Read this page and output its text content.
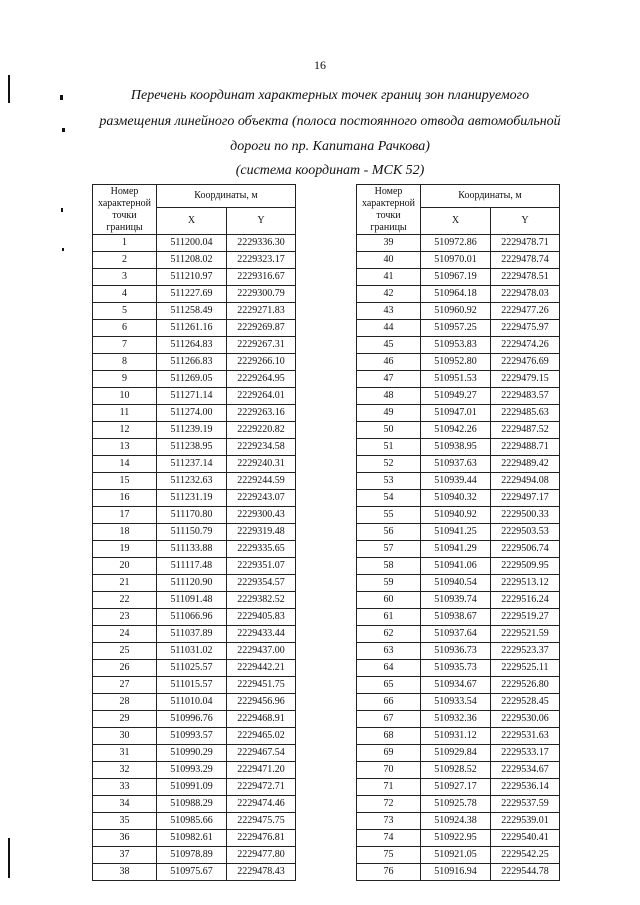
16
Перечень координат характерных точек границ зон планируемого
размещения линейного объекта (полоса постоянного отвода автомобильной
дороги по пр. Капитана Рачкова)
(система координат - МСК 52)
Номер характерной точки границы	Координаты, м	
	X	Y
1	511200.04	2229336.30
2	511208.02	2229323.17
3	511210.97	2229316.67
4	511227.69	2229300.79
5	511258.49	2229271.83
6	511261.16	2229269.87
7	511264.83	2229267.31
8	511266.83	2229266.10
9	511269.05	2229264.95
10	511271.14	2229264.01
11	511274.00	2229263.16
12	511239.19	2229220.82
13	511238.95	2229234.58
14	511237.14	2229240.31
15	511232.63	2229244.59
16	511231.19	2229243.07
17	511170.80	2229300.43
18	511150.79	2229319.48
19	511133.88	2229335.65
20	511117.48	2229351.07
21	511120.90	2229354.57
22	511091.48	2229382.52
23	511066.96	2229405.83
24	511037.89	2229433.44
25	511031.02	2229437.00
26	511025.57	2229442.21
27	511015.57	2229451.75
28	511010.04	2229456.96
29	510996.76	2229468.91
30	510993.57	2229465.02
31	510990.29	2229467.54
32	510993.29	2229471.20
33	510991.09	2229472.71
34	510988.29	2229474.46
35	510985.66	2229475.75
36	510982.61	2229476.81
37	510978.89	2229477.80
38	510975.67	2229478.43
Номер характерной точки границы	Координаты, м	
	X	Y
39	510972.86	2229478.71
40	510970.01	2229478.74
41	510967.19	2229478.51
42	510964.18	2229478.03
43	510960.92	2229477.26
44	510957.25	2229475.97
45	510953.83	2229474.26
46	510952.80	2229476.69
47	510951.53	2229479.15
48	510949.27	2229483.57
49	510947.01	2229485.63
50	510942.26	2229487.52
51	510938.95	2229488.71
52	510937.63	2229489.42
53	510939.44	2229494.08
54	510940.32	2229497.17
55	510940.92	2229500.33
56	510941.25	2229503.53
57	510941.29	2229506.74
58	510941.06	2229509.95
59	510940.54	2229513.12
60	510939.74	2229516.24
61	510938.67	2229519.27
62	510937.64	2229521.59
63	510936.73	2229523.37
64	510935.73	2229525.11
65	510934.67	2229526.80
66	510933.54	2229528.45
67	510932.36	2229530.06
68	510931.12	2229531.63
69	510929.84	2229533.17
70	510928.52	2229534.67
71	510927.17	2229536.14
72	510925.78	2229537.59
73	510924.38	2229539.01
74	510922.95	2229540.41
75	510921.05	2229542.25
76	510916.94	2229544.78
